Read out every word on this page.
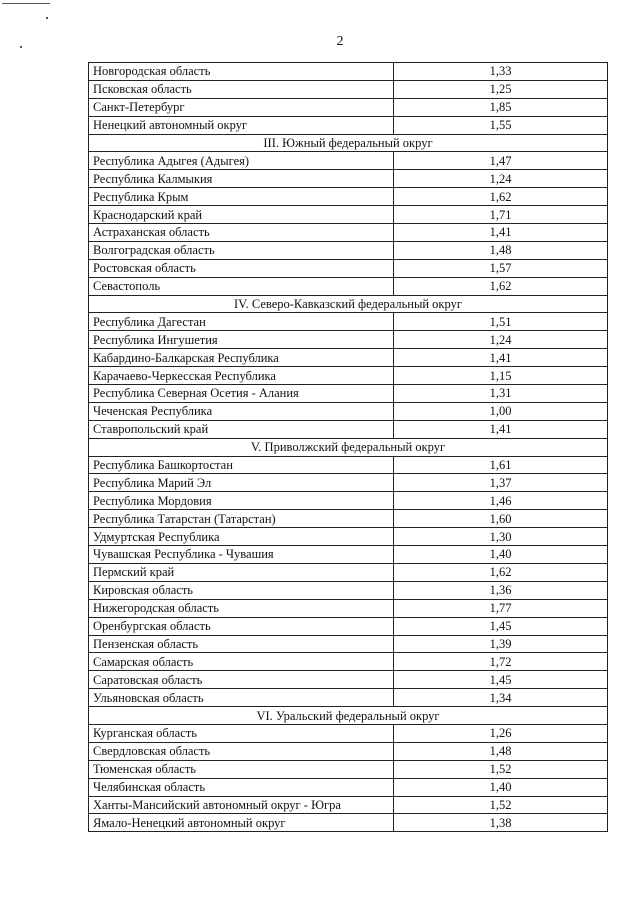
2
Новгородская область	1,33
Псковская область	1,25
Санкт-Петербург	1,85
Ненецкий автономный округ	1,55
III. Южный федеральный округ	
Республика Адыгея (Адыгея)	1,47
Республика Калмыкия	1,24
Республика Крым	1,62
Краснодарский край	1,71
Астраханская область	1,41
Волгоградская область	1,48
Ростовская область	1,57
Севастополь	1,62
IV. Северо-Кавказский федеральный округ	
Республика Дагестан	1,51
Республика Ингушетия	1,24
Кабардино-Балкарская Республика	1,41
Карачаево-Черкесская Республика	1,15
Республика Северная Осетия - Алания	1,31
Чеченская Республика	1,00
Ставропольский край	1,41
V. Приволжский федеральный округ	
Республика Башкортостан	1,61
Республика Марий Эл	1,37
Республика Мордовия	1,46
Республика Татарстан (Татарстан)	1,60
Удмуртская Республика	1,30
Чувашская Республика - Чувашия	1,40
Пермский край	1,62
Кировская область	1,36
Нижегородская область	1,77
Оренбургская область	1,45
Пензенская область	1,39
Самарская область	1,72
Саратовская область	1,45
Ульяновская область	1,34
VI. Уральский федеральный округ	
Курганская область	1,26
Свердловская область	1,48
Тюменская область	1,52
Челябинская область	1,40
Ханты-Мансийский автономный округ - Югра	1,52
Ямало-Ненецкий автономный округ	1,38
